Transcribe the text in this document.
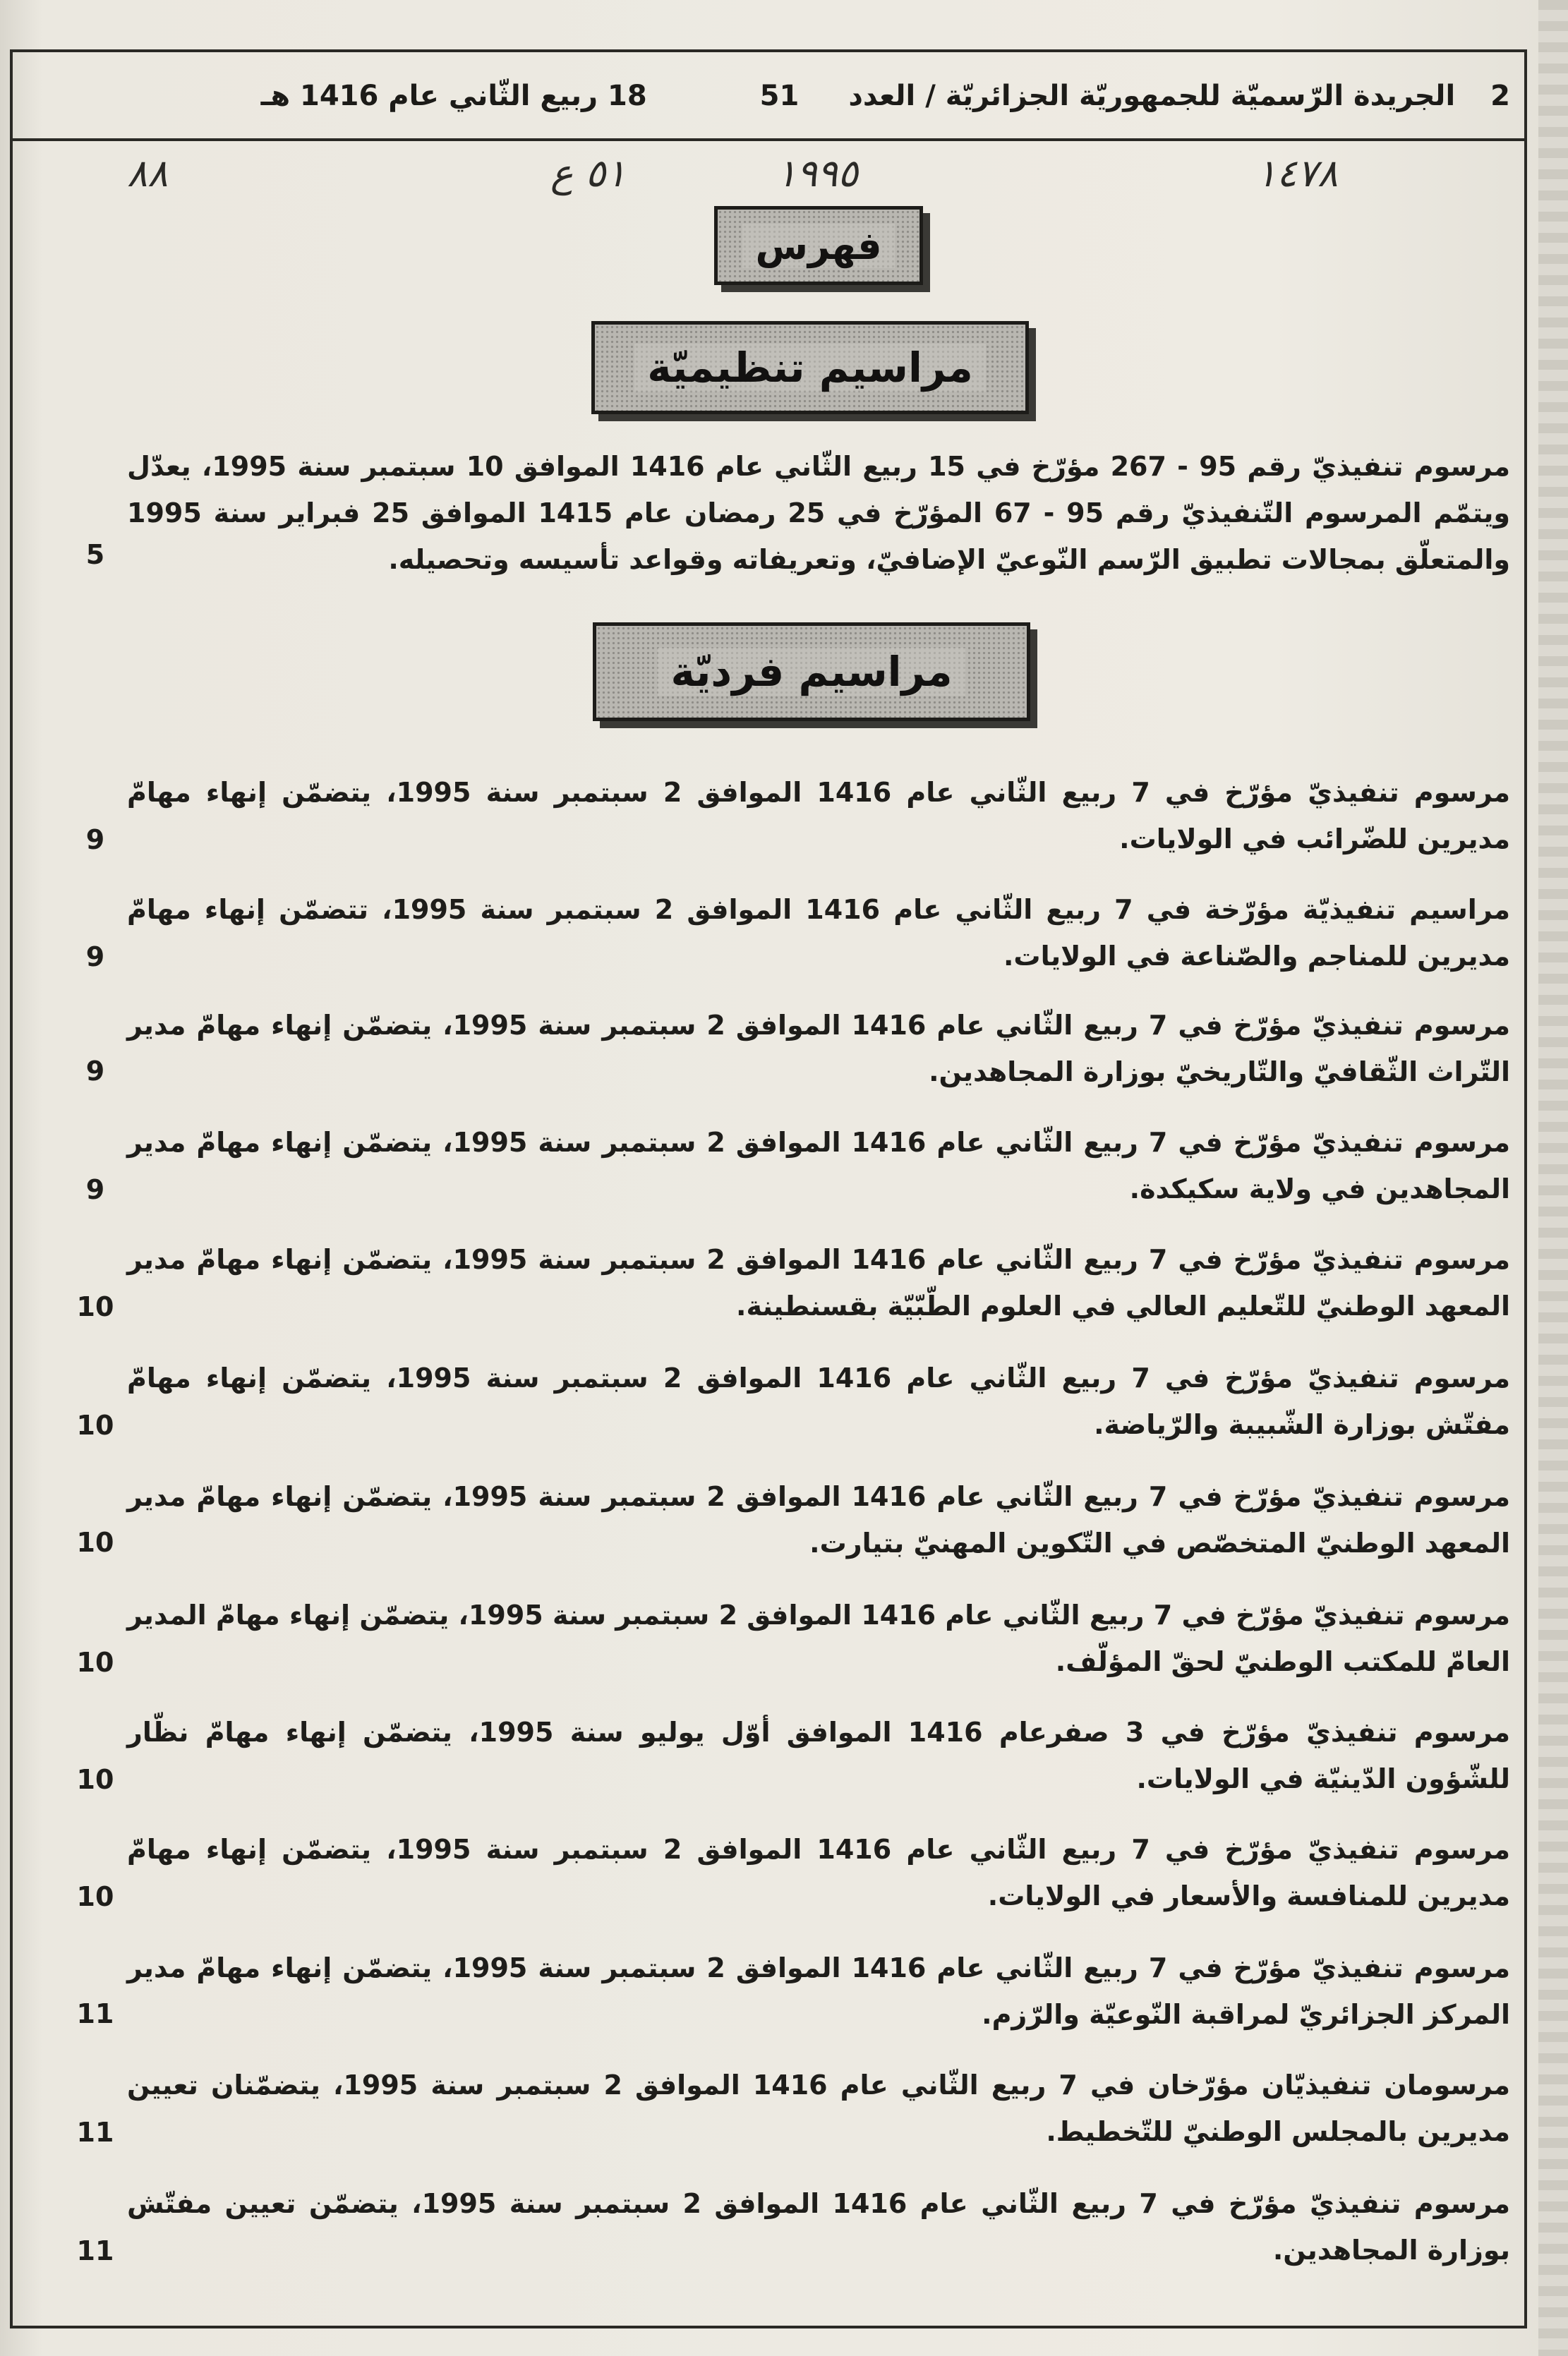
2
الجريدة الرّسميّة للجمهوريّة الجزائريّة / العدد
51
18 ربيع الثّاني عام 1416 هـ
١٤٧٨
١٩٩٥
٥١ ع
٨٨
فهرس
مراسيم تنظيميّة
مرسوم تنفيذيّ رقم 95 - 267 مؤرّخ في 15 ربيع الثّاني عام 1416 الموافق 10 سبتمبر سنة 1995، يعدّل ويتمّم المرسوم التّنفيذيّ رقم 95 - 67 المؤرّخ في 25 رمضان عام 1415 الموافق 25 فبراير سنة 1995 والمتعلّق بمجالات تطبيق الرّسم النّوعيّ الإضافيّ، وتعريفاته وقواعد تأسيسه وتحصيله.
5
مراسيم فرديّة
مرسوم تنفيذيّ مؤرّخ في 7 ربيع الثّاني عام 1416 الموافق 2 سبتمبر سنة 1995، يتضمّن إنهاء مهامّ مديرين للضّرائب في الولايات.
9
مراسيم تنفيذيّة مؤرّخة في 7 ربيع الثّاني عام 1416 الموافق 2 سبتمبر سنة 1995، تتضمّن إنهاء مهامّ مديرين للمناجم والصّناعة في الولايات.
9
مرسوم تنفيذيّ مؤرّخ في 7 ربيع الثّاني عام 1416 الموافق 2 سبتمبر سنة 1995، يتضمّن إنهاء مهامّ مدير التّراث الثّقافيّ والتّاريخيّ بوزارة المجاهدين.
9
مرسوم تنفيذيّ مؤرّخ في 7 ربيع الثّاني عام 1416 الموافق 2 سبتمبر سنة 1995، يتضمّن إنهاء مهامّ مدير المجاهدين في ولاية سكيكدة.
9
مرسوم تنفيذيّ مؤرّخ في 7 ربيع الثّاني عام 1416 الموافق 2 سبتمبر سنة 1995، يتضمّن إنهاء مهامّ مدير المعهد الوطنيّ للتّعليم العالي في العلوم الطّبّيّة بقسنطينة.
10
مرسوم تنفيذيّ مؤرّخ في 7 ربيع الثّاني عام 1416 الموافق 2 سبتمبر سنة 1995، يتضمّن إنهاء مهامّ مفتّش بوزارة الشّبيبة والرّياضة.
10
مرسوم تنفيذيّ مؤرّخ في 7 ربيع الثّاني عام 1416 الموافق 2 سبتمبر سنة 1995، يتضمّن إنهاء مهامّ مدير المعهد الوطنيّ المتخصّص في التّكوين المهنيّ بتيارت.
10
مرسوم تنفيذيّ مؤرّخ في 7 ربيع الثّاني عام 1416 الموافق 2 سبتمبر سنة 1995، يتضمّن إنهاء مهامّ المدير العامّ للمكتب الوطنيّ لحقّ المؤلّف.
10
مرسوم تنفيذيّ مؤرّخ في 3 صفرعام 1416 الموافق أوّل يوليو سنة 1995، يتضمّن إنهاء مهامّ نظّار للشّؤون الدّينيّة في الولايات.
10
مرسوم تنفيذيّ مؤرّخ في 7 ربيع الثّاني عام 1416 الموافق 2 سبتمبر سنة 1995، يتضمّن إنهاء مهامّ مديرين للمنافسة والأسعار في الولايات.
10
مرسوم تنفيذيّ مؤرّخ في 7 ربيع الثّاني عام 1416 الموافق 2 سبتمبر سنة 1995، يتضمّن إنهاء مهامّ مدير المركز الجزائريّ لمراقبة النّوعيّة والرّزم.
11
مرسومان تنفيذيّان مؤرّخان في 7 ربيع الثّاني عام 1416 الموافق 2 سبتمبر سنة 1995، يتضمّنان تعيين مديرين بالمجلس الوطنيّ للتّخطيط.
11
مرسوم تنفيذيّ مؤرّخ في 7 ربيع الثّاني عام 1416 الموافق 2 سبتمبر سنة 1995، يتضمّن تعيين مفتّش بوزارة المجاهدين.
11
